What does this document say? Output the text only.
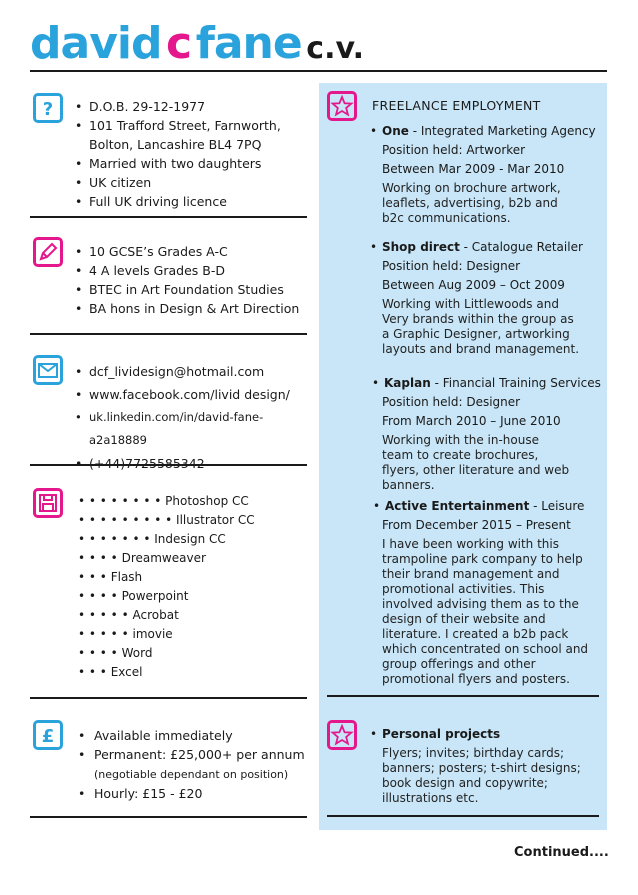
david c fane c.v.
?	• D.O.B. 29-12-1977
• 101 Trafford Street, Farnworth,
Bolton, Lancashire BL4 7PQ
• Married with two daughters
• UK citizen
• Full UK driving licence
• 10 GCSE’s Grades A-C
• 4 A levels Grades B-D
• BTEC in Art Foundation Studies
• BA hons in Design & Art Direction
• dcf_lividesign@hotmail.com
• www.facebook.com/livid design/
• uk.linkedin.com/in/david-fane-a2a18889
•
• • • • • • • • Photoshop CC
• • • • • • • • • Illustrator CC
• • • • • • • Indesign CC
• • • • Dreamweaver
• • • Flash
• • • • Powerpoint
• • • • • Acrobat
• • • • • imovie
• • • • Word
• • • Excel
£	• Available immediately
• Permanent: £25,000+ per annum
(negotiable dependant on position)
• Hourly: £15 - £20
FREELANCE EMPLOYMENT
• One - Integrated Marketing Agency
Position held: Artworker
Between Mar 2009 - Mar 2010
Working on brochure artwork, leaflets, advertising, b2b and b2c communications.
• Shop direct - Catalogue Retailer
Position held: Designer
Between Aug 2009 – Oct 2009
Working with Littlewoods and Very brands within the group as a Graphic Designer, artworking layouts and brand management.
• Kaplan - Financial Training Services
Position held: Designer
From March 2010 – June 2010
Working with the in-house team to create brochures, flyers, other literature and web banners.
• Active Entertainment - Leisure
From December 2015 – Present
I have been working with this trampoline park company to help their brand management and promotional activities. This involved advising them as to the design of their website and literature. I created a b2b pack which concentrated on school and group offerings and other promotional flyers and posters.
• Personal projects
Flyers; invites; birthday cards; banners; posters; t-shirt designs; book design and copywrite; illustrations etc.
Continued....
